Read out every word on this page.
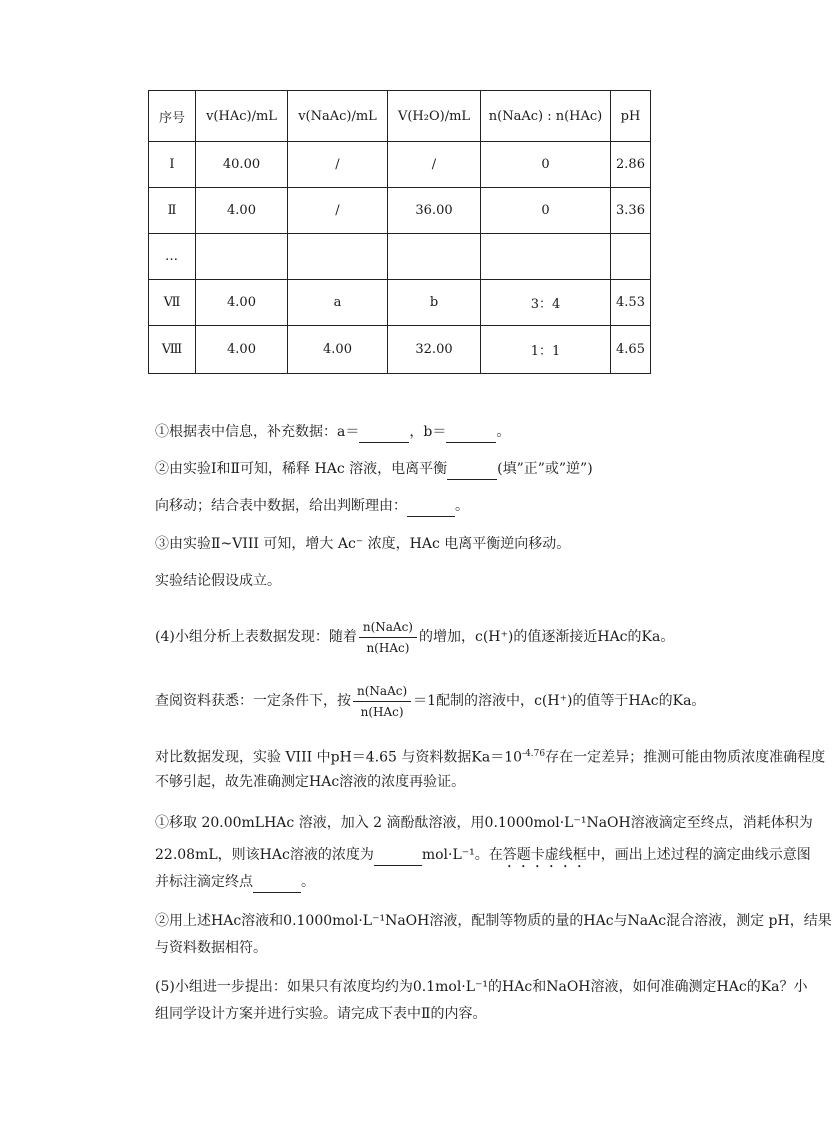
序号	v(HAc)/mL	v(NaAc)/mL	V(H₂O)/mL	n(NaAc) : n(HAc)	pH
Ⅰ	40.00	/	/	0	2.86
Ⅱ	4.00	/	36.00	0	3.36
…					
Ⅶ	4.00	a	b	3：4	4.53
Ⅷ	4.00	4.00	32.00	1：1	4.65
①根据表中信息，补充数据：a＝	，b＝	。
②由实验Ⅰ和Ⅱ可知，稀释 HAc 溶液，电离平衡	(填”正”或”逆”)
向移动；结合表中数据，给出判断理由：	。
③由实验Ⅱ~VIII 可知，增大 Ac⁻ 浓度，HAc 电离平衡逆向移动。
实验结论假设成立。
(4)小组分析上表数据发现：随着 $\frac{\text{n(NaAc)}}{\text{n(HAc)}}$ 的增加，c(H⁺)的值逐渐接近HAc的Ka。
查阅资料获悉：一定条件下，按 $\frac{\text{n(NaAc)}}{\text{n(HAc)}} =1$配制的溶液中，c(H⁺)的值等于HAc的Ka。
对比数据发现，实验 VIII 中pH＝4.65 与资料数据$Ka=10^{-4.76}$存在一定差异；推测可能由物质浓度准确程度
不够引起，故先准确测定HAc溶液的浓度再验证。
①移取 20.00mLHAc 溶液，加入 2 滴酚酞溶液，用0.1000mol·L⁻¹NaOH溶液滴定至终点，消耗体积为
22.08mL，则该HAc溶液的浓度为	mol·L⁻¹。在答题卡虚线框中，画出上述过程的滴定曲线示意图
并标注滴定终点	。
②用上述HAc溶液和0.1000mol·L⁻¹NaOH溶液，配制等物质的量的HAc与NaAc混合溶液，测定 pH，结果
与资料数据相符。
(5)小组进一步提出：如果只有浓度均约为0.1mol·L⁻¹的HAc和NaOH溶液，如何准确测定HAc的Ka？小
组同学设计方案并进行实验。请完成下表中Ⅱ的内容。
